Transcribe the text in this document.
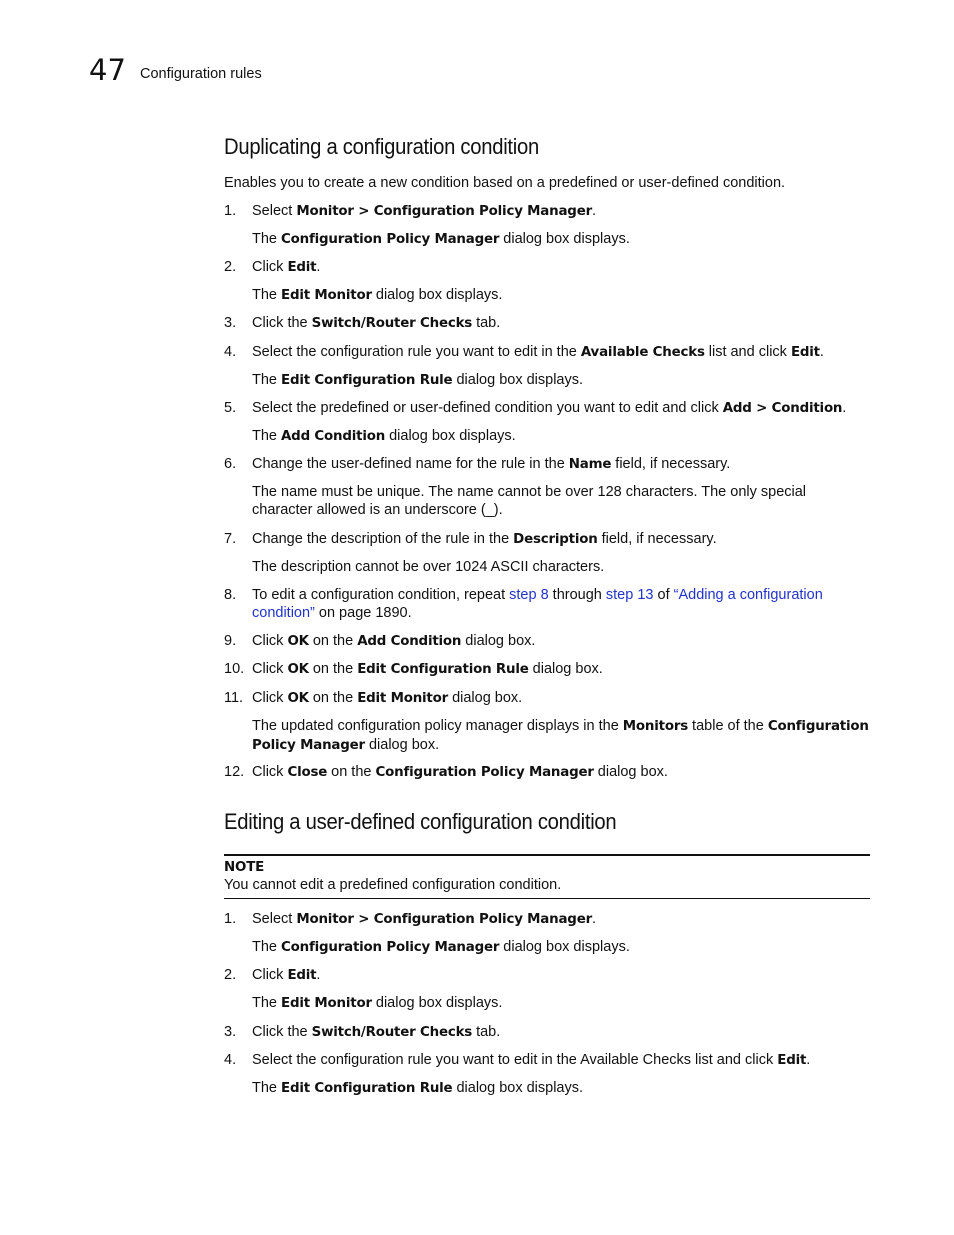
47 Configuration rules
Duplicating a configuration condition
Enables you to create a new condition based on a predefined or user-defined condition.
1. Select Monitor > Configuration Policy Manager.
The Configuration Policy Manager dialog box displays.
2. Click Edit.
The Edit Monitor dialog box displays.
3. Click the Switch/Router Checks tab.
4. Select the configuration rule you want to edit in the Available Checks list and click Edit.
The Edit Configuration Rule dialog box displays.
5. Select the predefined or user-defined condition you want to edit and click Add > Condition.
The Add Condition dialog box displays.
6. Change the user-defined name for the rule in the Name field, if necessary.
The name must be unique. The name cannot be over 128 characters. The only special character allowed is an underscore (_).
7. Change the description of the rule in the Description field, if necessary.
The description cannot be over 1024 ASCII characters.
8. To edit a configuration condition, repeat step 8 through step 13 of “Adding a configuration condition” on page 1890.
9. Click OK on the Add Condition dialog box.
10. Click OK on the Edit Configuration Rule dialog box.
11. Click OK on the Edit Monitor dialog box.
The updated configuration policy manager displays in the Monitors table of the Configuration Policy Manager dialog box.
12. Click Close on the Configuration Policy Manager dialog box.
Editing a user-defined configuration condition
NOTE
You cannot edit a predefined configuration condition.
1. Select Monitor > Configuration Policy Manager.
The Configuration Policy Manager dialog box displays.
2. Click Edit.
The Edit Monitor dialog box displays.
3. Click the Switch/Router Checks tab.
4. Select the configuration rule you want to edit in the Available Checks list and click Edit.
The Edit Configuration Rule dialog box displays.
